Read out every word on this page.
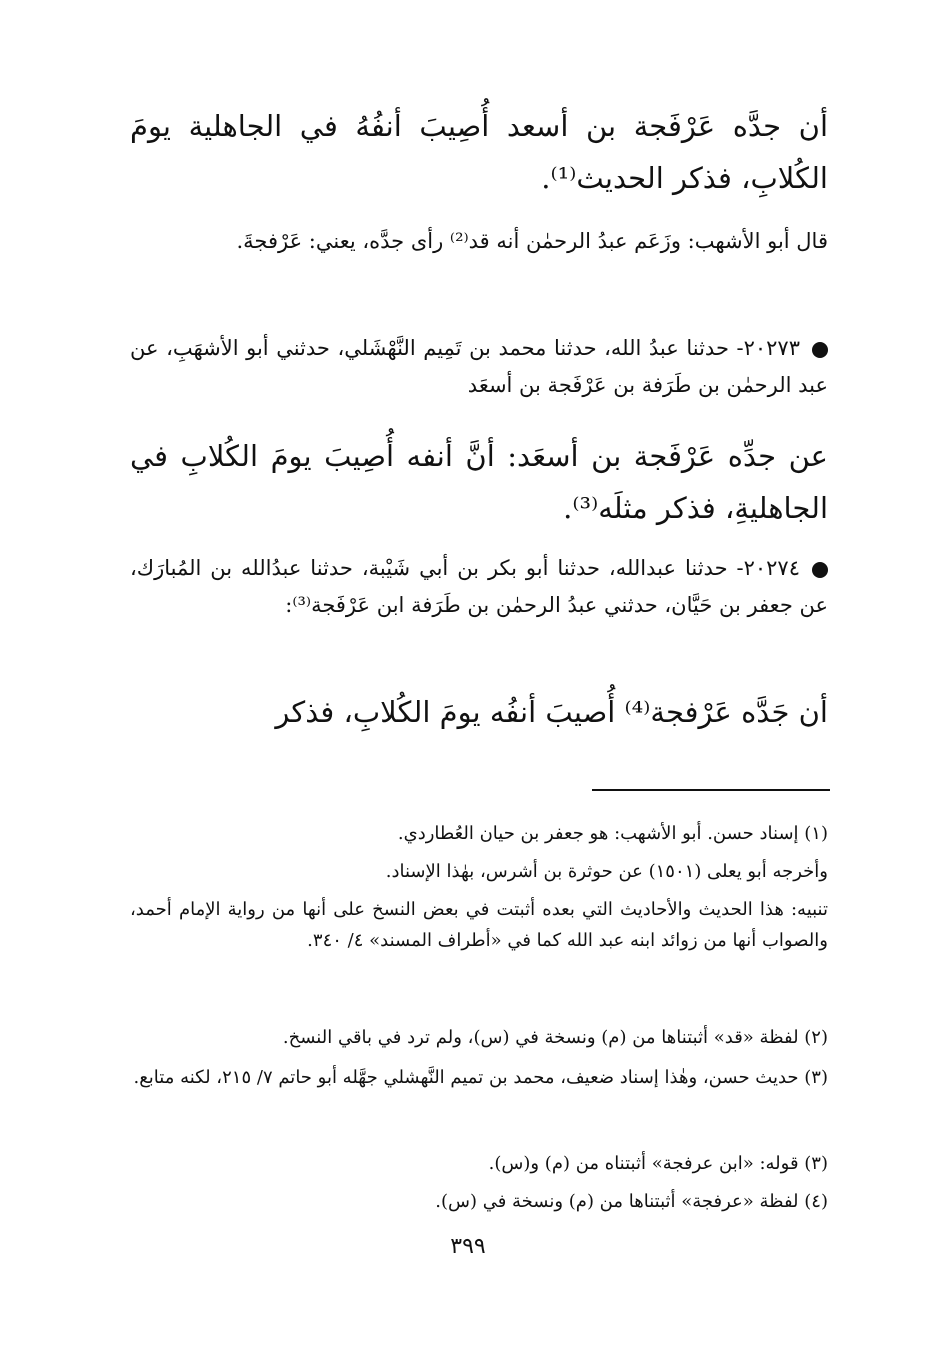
أن جدَّه عَرْفَجة بن أسعد أُصِيبَ أنفُهُ في الجاهلية يومَ الكُلابِ، فذكر الحديث⁽¹⁾.

قال أبو الأشهب: وزَعَم عبدُ الرحمٰن أنه قد⁽²⁾ رأى جدَّه، يعني: عَرْفجةَ.

٢٠٢٧٣- حدثنا عبدُ الله، حدثنا محمد بن تَمِيم النَّهْشَلي، حدثني أبو الأشهَبِ، عن عبد الرحمٰن بن طَرَفة بن عَرْفَجة بن أسعَد

عن جدِّه عَرْفَجة بن أسعَد: أنَّ أنفه أُصِيبَ يومَ الكُلابِ في الجاهليةِ، فذكر مثلَه⁽³⁾.

٢٠٢٧٤- حدثنا عبدالله، حدثنا أبو بكر بن أبي شَيْبة، حدثنا عبدُالله بن المُبارَك، عن جعفر بن حَيَّان، حدثني عبدُ الرحمٰن بن طَرَفة ابن عَرْفَجة⁽³⁾:

أن جَدَّه عَرْفجة⁽⁴⁾ أُصيبَ أنفُه يومَ الكُلابِ، فذكر

(١) إسناد حسن. أبو الأشهب: هو جعفر بن حيان العُطاردي.

وأخرجه أبو يعلى (١٥٠١) عن حوثرة بن أشرس، بهٰذا الإسناد.

تنبيه: هذا الحديث والأحاديث التي بعده أثبتت في بعض النسخ على أنها من رواية الإمام أحمد، والصواب أنها من زوائد ابنه عبد الله كما في «أطراف المسند» ٤/ ٣٤٠.

(٢) لفظة «قد» أثبتناها من (م) ونسخة في (س)، ولم ترد في باقي النسخ.

(٣) حديث حسن، وهٰذا إسناد ضعيف، محمد بن تميم النَّهشلي جهَّله أبو حاتم ٧/ ٢١٥، لكنه متابع.

(٣) قوله: «ابن عرفجة» أثبتناه من (م) و(س).

(٤) لفظة «عرفجة» أثبتناها من (م) ونسخة في (س).

٣٩٩
